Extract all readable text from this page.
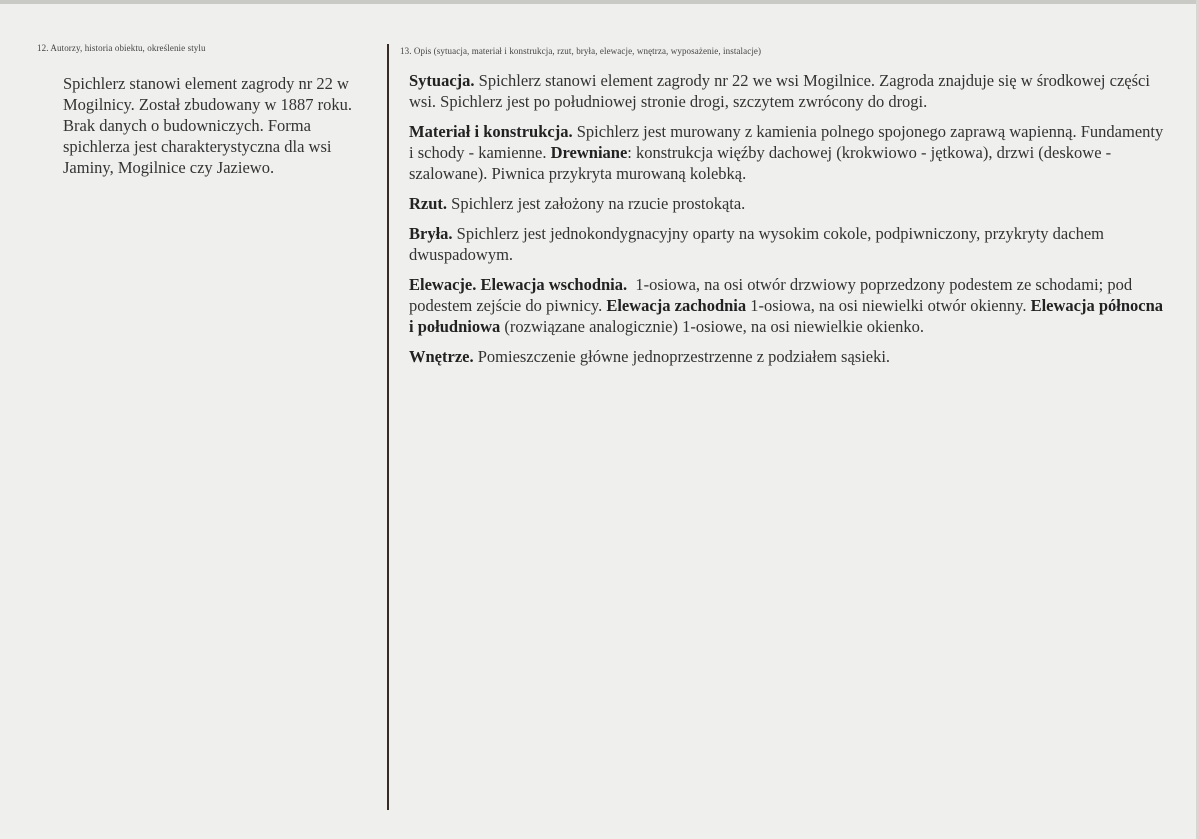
12. Autorzy, historia obiektu, określenie stylu
Spichlerz stanowi element zagrody nr 22 w Mogilnicy. Został zbudowany w 1887 roku. Brak danych o budowniczych. Forma spichlerza jest charakterystyczna dla wsi Jaminy, Mogilnice czy Jaziewo.
13. Opis (sytuacja, materiał i konstrukcja, rzut, bryła, elewacje, wnętrza, wyposażenie, instalacje)

Sytuacja. Spichlerz stanowi element zagrody nr 22 we wsi Mogilnice. Zagroda znajduje się w środkowej części wsi. Spichlerz jest po południowej stronie drogi, szczytem zwrócony do drogi.

Materiał i konstrukcja. Spichlerz jest murowany z kamienia polnego spojonego zaprawą wapienną. Fundamenty i schody - kamienne. Drewniane: konstrukcja więźby dachowej (krokwiowo - jętkowa), drzwi (deskowe - szalowane). Piwnica przykryta murowaną kolebką.

Rzut. Spichlerz jest założony na rzucie prostokąta.

Bryła. Spichlerz jest jednokondygnacyjny oparty na wysokim cokole, podpiwniczony, przykryty dachem dwuspadowym.

Elewacje. Elewacja wschodnia.  1-osiowa, na osi otwór drzwiowy poprzedzony podestem ze schodami; pod podestem zejście do piwnicy. Elewacja zachodnia 1-osiowa, na osi niewielki otwór okienny. Elewacja północna i południowa (rozwiązane analogicznie) 1-osiowe, na osi niewielkie okienko.

Wnętrze. Pomieszczenie główne jednoprzestrzenne z podziałem sąsieki.
